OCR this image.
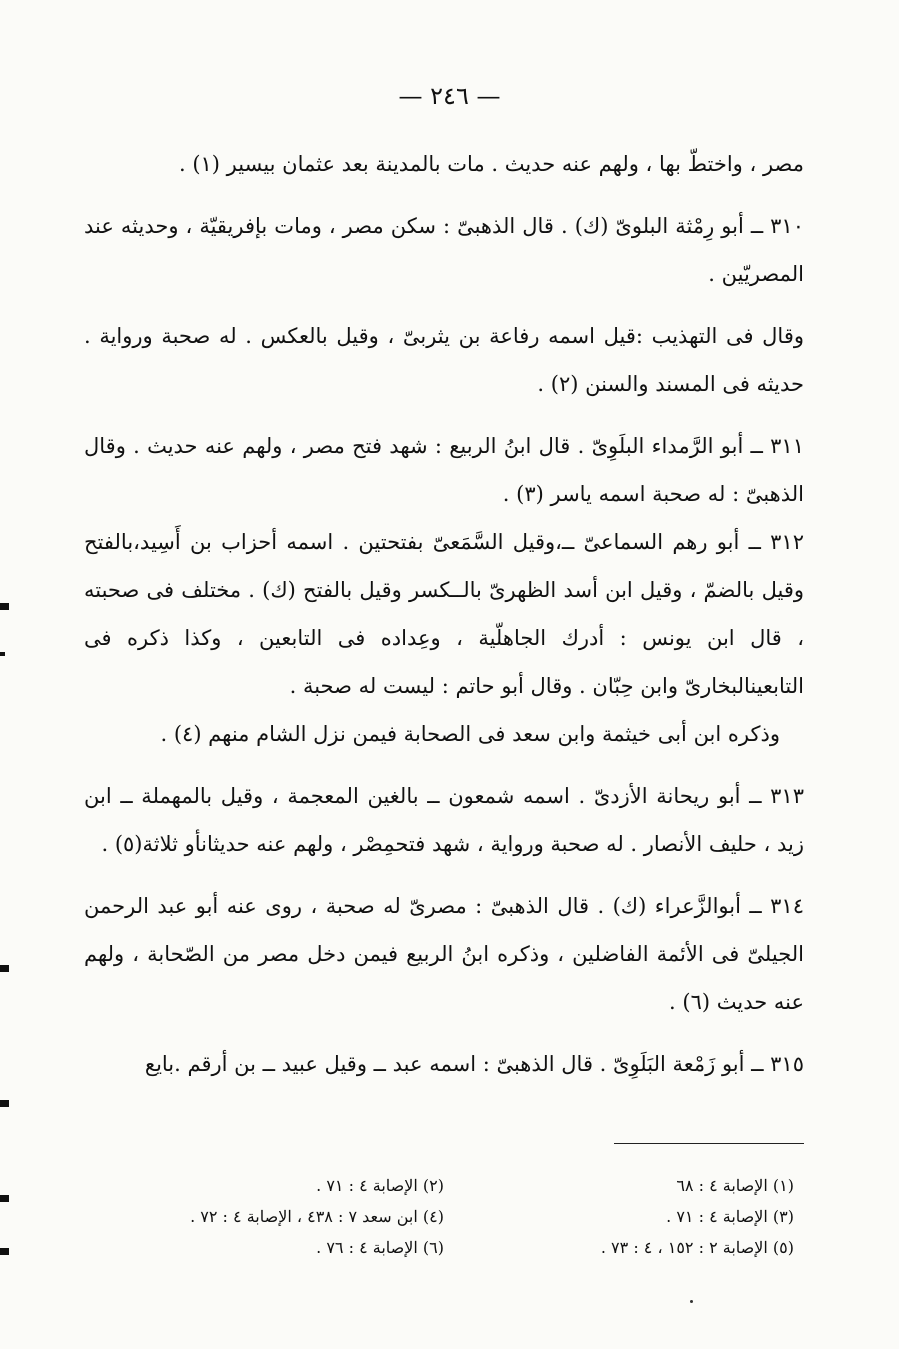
— ٢٤٦ —

مصر ، واختطّ بها ، ولهم عنه حديث . مات بالمدينة بعد عثمان بيسير (١) .

٣١٠ ــ أبو رِمْثة البلوىّ (ك) . قال الذهبىّ : سكن مصر ، ومات بإفريقيّة ، وحديثه عند المصريّين .

وقال فى التهذيب :قيل اسمه رفاعة بن يثربىّ ، وقيل بالعكس . له صحبة ورواية . حديثه فى المسند والسنن (٢) .

٣١١ ــ أبو الرَّمداء البلَوِىّ . قال ابنُ الربيع : شهد فتح مصر ، ولهم عنه حديث . وقال الذهبىّ : له صحبة اسمه ياسر (٣) .

٣١٢ ــ أبو رهم السماعىّ ــ،وقيل السَّمَعىّ بفتحتين . اسمه أحزاب بن أَسِيد،بالفتح وقيل بالضمّ ، وقيل ابن أسد الظهرىّ بالــكسر وقيل بالفتح (ك) . مختلف فى صحبته ، قال ابن يونس : أدرك الجاهلّية ، وعِداده فى التابعين ، وكذا ذكره فى التابعينالبخارىّ وابن حِبّان . وقال أبو حاتم : ليست له صحبة .

وذكره ابن أبى خيثمة وابن سعد فى الصحابة فيمن نزل الشام منهم (٤) .

٣١٣ ــ أبو ريحانة الأزدىّ . اسمه شمعون ــ بالغين المعجمة ، وقيل بالمهملة ــ ابن زيد ، حليف الأنصار . له صحبة ورواية ، شهد فتحمِصْر ، ولهم عنه حديثانأو ثلاثة(٥) .

٣١٤ ــ أبوالزَّعراء (ك) . قال الذهبىّ : مصرىّ له صحبة ، روى عنه أبو عبد الرحمن الجيلىّ فى الأئمة الفاضلين ، وذكره ابنُ الربيع فيمن دخل مصر من الصّحابة ، ولهم عنه حديث (٦) .

٣١٥ ــ أبو زَمْعة البَلَوِىّ . قال الذهبىّ : اسمه عبد ــ وقيل عبيد ــ بن أرقم .بايع

(١) الإصابة ٤ : ٦٨
(٢) الإصابة ٤ : ٧١ .
(٣) الإصابة ٤ : ٧١ .
(٤) ابن سعد ٧ : ٤٣٨ ، الإصابة ٤ : ٧٢ .
(٥) الإصابة ٢ : ١٥٢ ، ٤ : ٧٣ .
(٦) الإصابة ٤ : ٧٦ .
